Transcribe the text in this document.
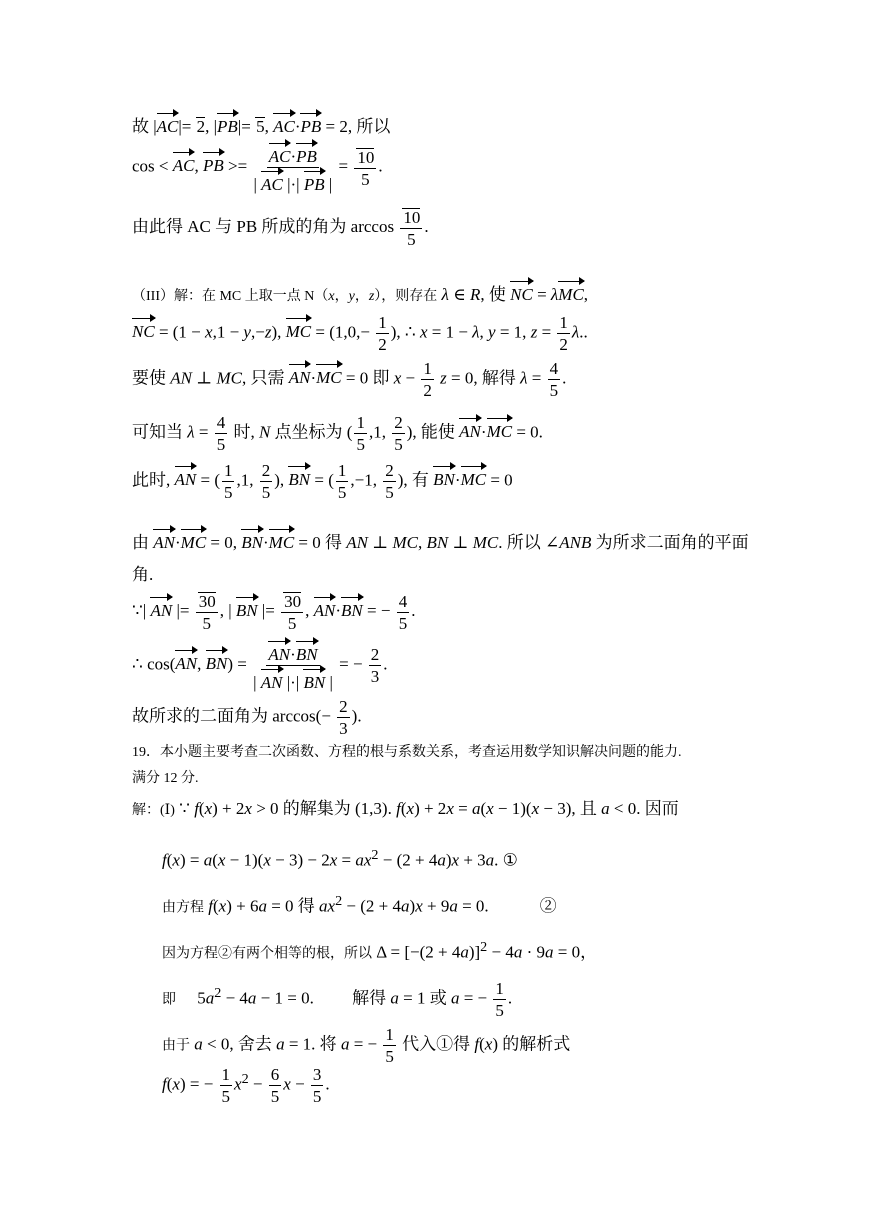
故 |AC|= 2, |PB|= 5, AC·PB = 2, 所以
cos < AC, PB >= $\frac{AC\cdot PB}{| AC |\cdot| PB |} = \frac{10}{5}$ .
由此得 AC 与 PB 所成的角为 $\arccos \frac{10}{5}$ .
（III）解：在 MC 上取一点 N（x，y，z），则存在 λ ∈ R, 使 NC = λMC,
NC = (1 − x,1 − y,−z), MC = ($1,0,- \frac{1}{2}$ ), ∴ x = 1 − λ, y = 1, $z = \frac{1}{2} \lambda$..
要使 AN ⊥ MC, 只需 AN·MC = 0 即 $x - \frac{1}{2}$ z = 0, 解得 $\lambda = \frac{4}{5}$ .
可知当 $\lambda = \frac{4}{5}$ 时, N 点坐标为 ( $\frac{1}{5} ,1$, $\frac{2}{5}$ ), 能使 AN·MC = 0.
此时, AN = ( $\frac{1}{5} ,1$, $\frac{2}{5}$ ), BN = ( $\frac{1}{5} ,-1$, $\frac{2}{5}$ ), 有 BN·MC = 0
由 AN·MC = 0, BN·MC = 0 得 AN ⊥ MC, BN ⊥ MC. 所以 ∠ANB 为所求二面角的平面
角.
∵| AN |= $\frac{30}{5}$ , | BN |= $\frac{30}{5}$ , AN·BN = − $\frac{4}{5}$ .
∴ cos(AN, $BN) = \frac{AN\cdot BN}{| AN |\cdot| BN |}$ = − $\frac{2}{3}$ .
故所求的二面角为 $\arccos(- \frac{2}{3}$ ).
19．本小题主要考查二次函数、方程的根与系数关系，考查运用数学知识解决问题的能力.
满分 12 分.
解：(Ⅰ) ∵ f(x) + 2x > 0 的解集为 (1,3). f(x) + 2x = a(x − 1)(x − 3), 且 a < 0. 因而
$f(x) = a(x - 1)(x - 3) - 2x = ax^2 - (2 + 4a)x + 3a$. ①
由方程 f(x) + 6a = 0 得 $ax^2 - (2 + 4a)x + 9a = 0$.　　　②
因为方程②有两个相等的根，所以 $\Delta = [-(2 + 4a)]^2 - 4a \cdot 9a = 0$，
即　 $5a^2 - 4a - 1 = 0$.　　 解得 a = 1 或 a = − $\frac{1}{5}$ .
由于 a < 0, 舍去 a = 1. 将 a = − $\frac{1}{5}$ 代入①得 f(x) 的解析式
f(x) = − $\frac{1}{5} x^2 - \frac{6}{5}$ $x - \frac{3}{5}$ .
